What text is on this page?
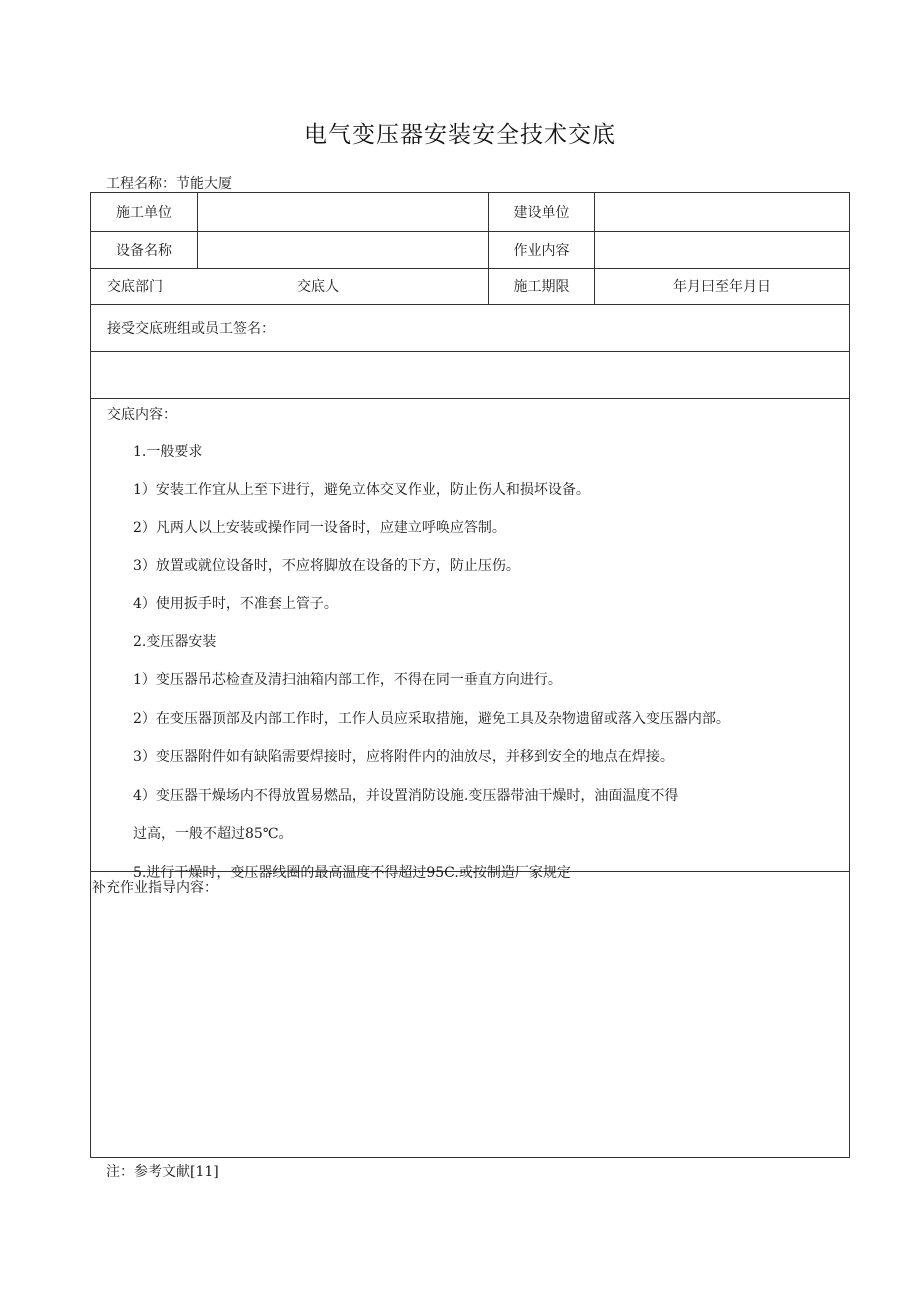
电气变压器安装安全技术交底
工程名称：节能大厦
施工单位	建设单位
设备名称	作业内容
交底部门	交底人	施工期限	年月曰至年月日
接受交底班组或员工签名：
交底内容：
1.一般要求
1）安装工作宜从上至下进行，避免立体交叉作业，防止伤人和损坏设备。
2）凡两人以上安装或操作同一设备时，应建立呼唤应答制。
3）放置或就位设备时，不应将脚放在设备的下方，防止压伤。
4）使用扳手时，不准套上管子。
2.变压器安装
1）变压器吊芯检查及清扫油箱内部工作，不得在同一垂直方向进行。
2）在变压器顶部及内部工作时，工作人员应采取措施，避免工具及杂物遗留或落入变压器内部。
3）变压器附件如有缺陷需要焊接时，应将附件内的油放尽，并移到安全的地点在焊接。
4）变压器干燥场内不得放置易燃品，并设置消防设施.变压器带油干燥时，油面温度不得
过高，一般不超过85℃。
5.进行干燥时，变压器线圈的最高温度不得超过95C.或按制造厂家规定
补充作业指导内容：
注：参考文献[11]
